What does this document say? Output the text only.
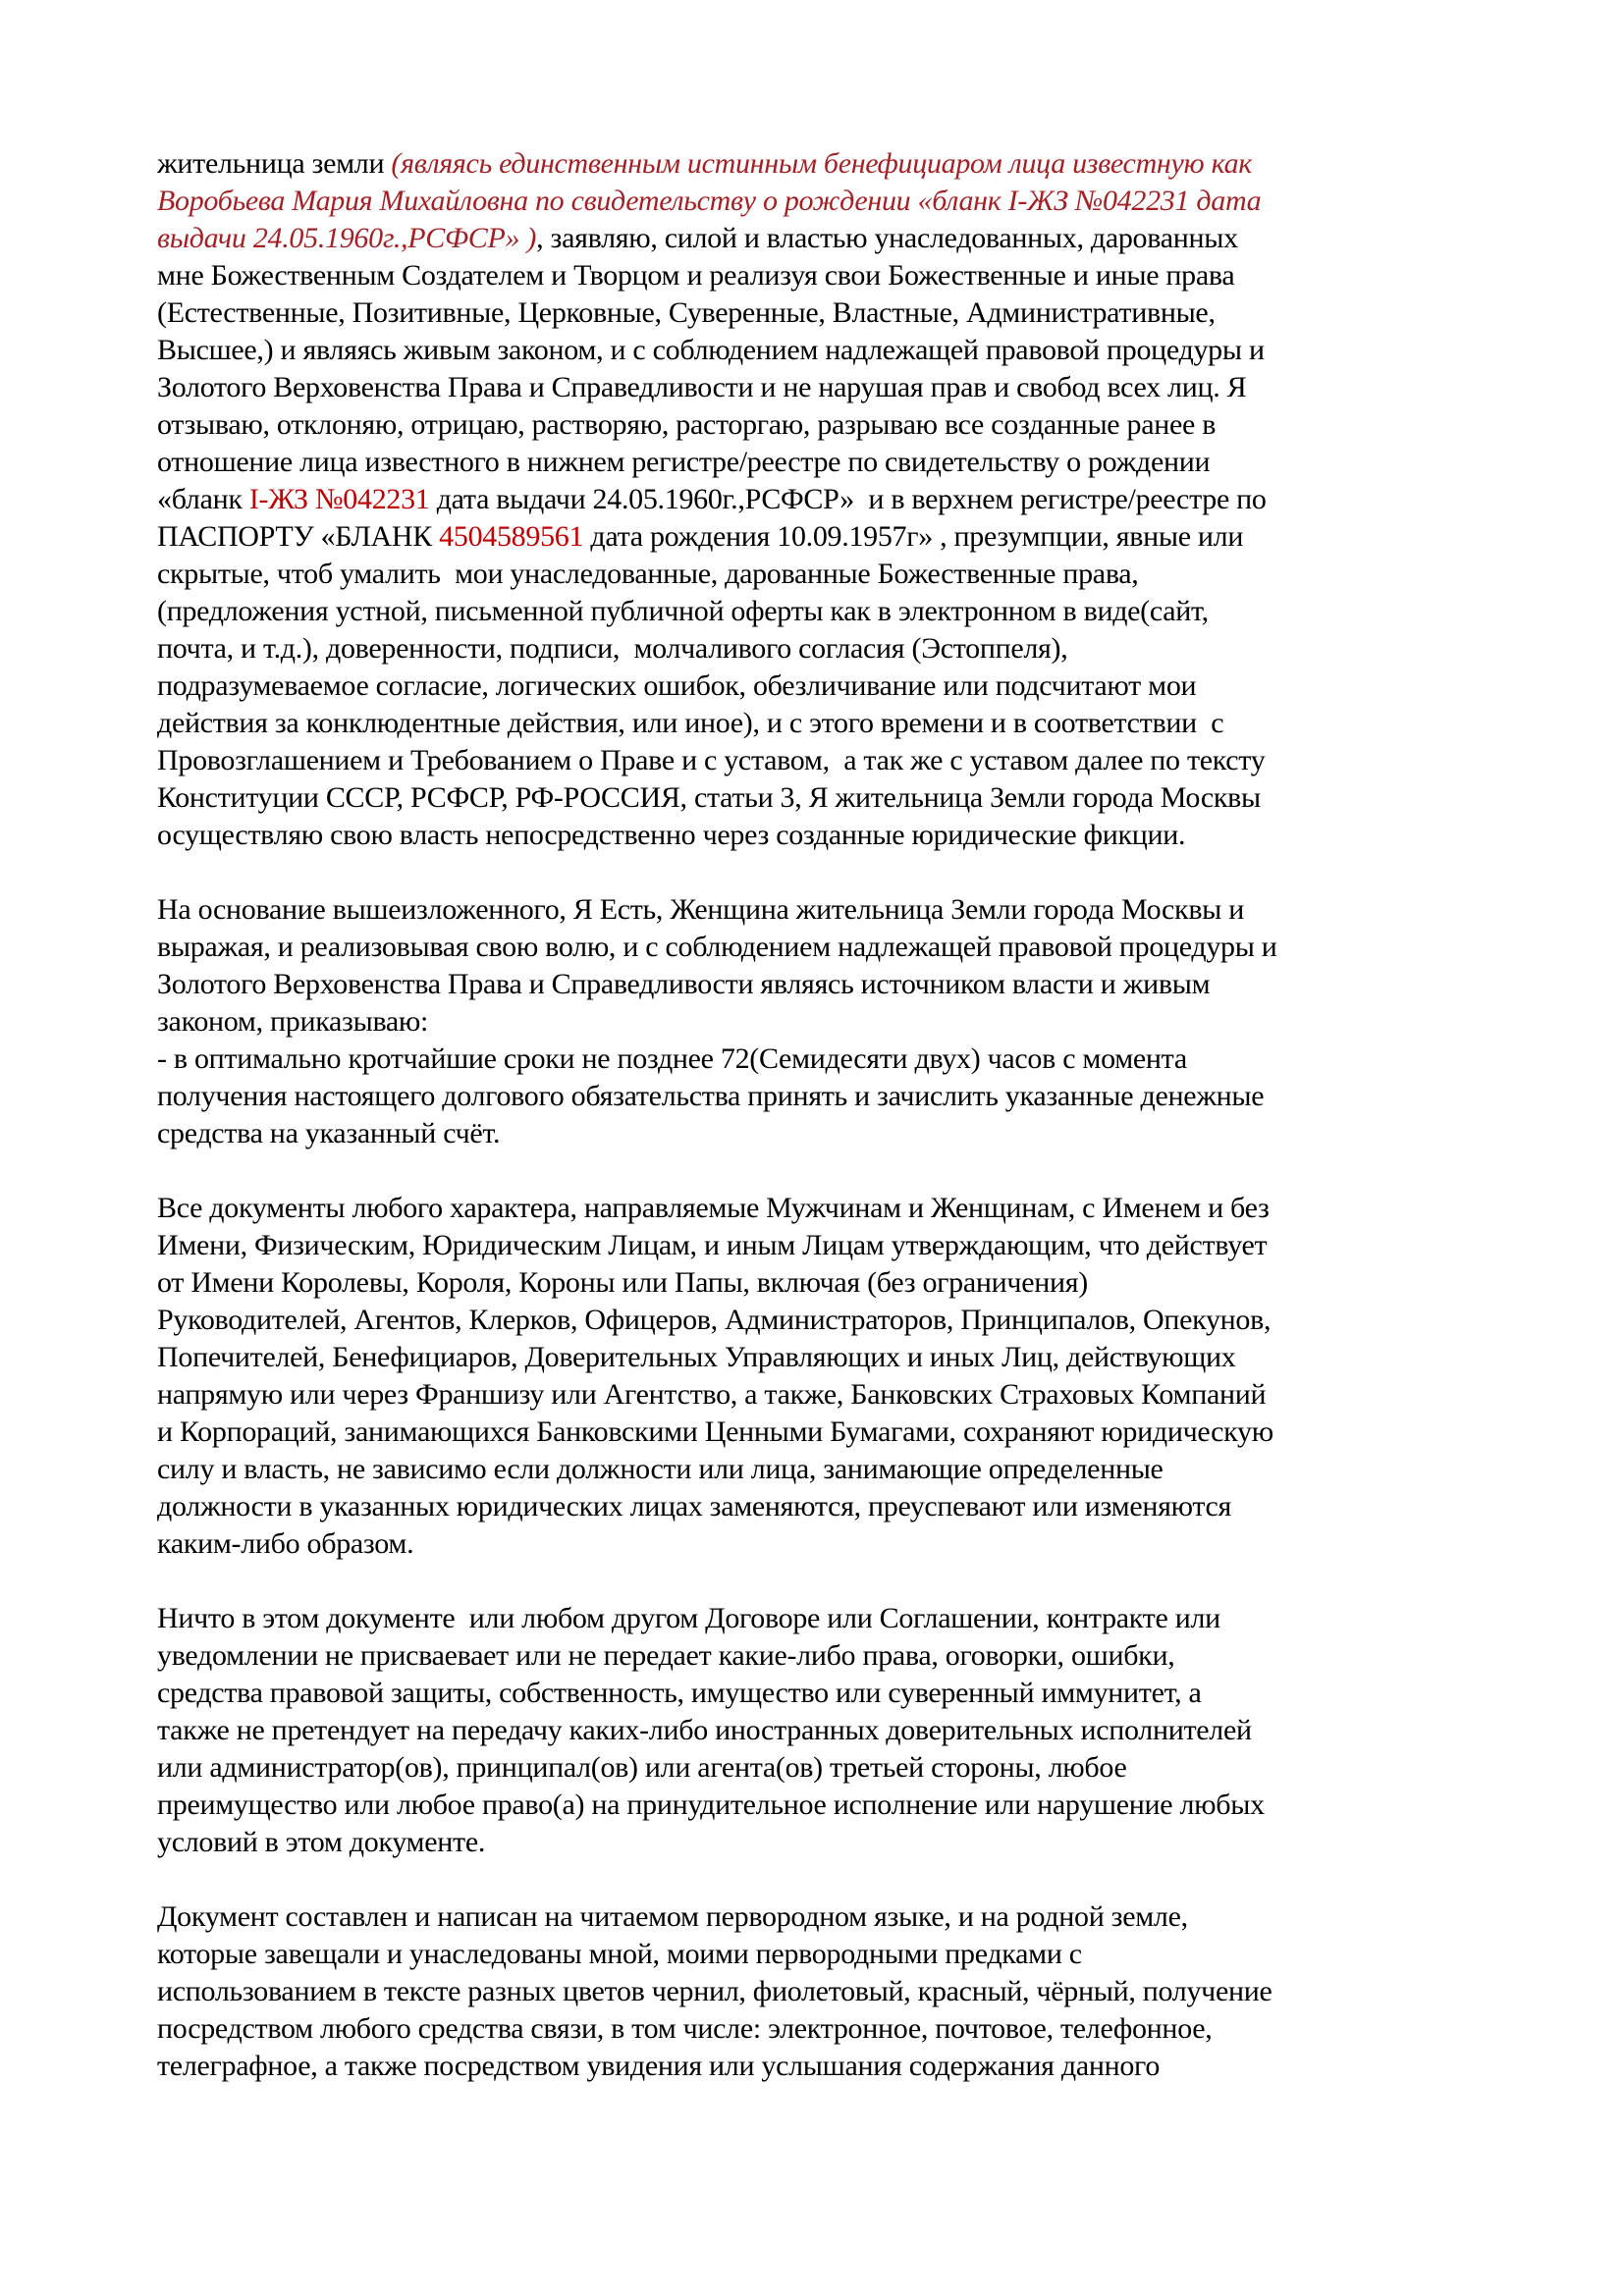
жительница земли (являясь единственным истинным бенефициаром лица известную как
Воробьева Мария Михайловна по свидетельству о рождении «бланк I-ЖЗ №042231 дата
выдачи 24.05.1960г.,РСФСР» ), заявляю, силой и властью унаследованных, дарованных
мне Божественным Создателем и Творцом и реализуя свои Божественные и иные права
(Естественные, Позитивные, Церковные, Суверенные, Властные, Административные,
Высшее,) и являясь живым законом, и с соблюдением надлежащей правовой процедуры и
Золотого Верховенства Права и Справедливости и не нарушая прав и свобод всех лиц. Я
отзываю, отклоняю, отрицаю, растворяю, расторгаю, разрываю все созданные ранее в
отношение лица известного в нижнем регистре/реестре по свидетельству о рождении
«бланк I-ЖЗ №042231 дата выдачи 24.05.1960г.,РСФСР»  и в верхнем регистре/реестре по
ПАСПОРТУ «БЛАНК 4504589561 дата рождения 10.09.1957г» , презумпции, явные или
скрытые, чтоб умалить  мои унаследованные, дарованные Божественные права,
(предложения устной, письменной публичной оферты как в электронном в виде(сайт,
почта, и т.д.), доверенности, подписи,  молчаливого согласия (Эстоппеля),
подразумеваемое согласие, логических ошибок, обезличивание или подсчитают мои
действия за конклюдентные действия, или иное), и с этого времени и в соответствии  с
Провозглашением и Требованием о Праве и с уставом,  а так же с уставом далее по тексту
Конституции СССР, РСФСР, РФ-РОССИЯ, статьи 3, Я жительница Земли города Москвы
осуществляю свою власть непосредственно через созданные юридические фикции.

На основание вышеизложенного, Я Есть, Женщина жительница Земли города Москвы и
выражая, и реализовывая свою волю, и с соблюдением надлежащей правовой процедуры и
Золотого Верховенства Права и Справедливости являясь источником власти и живым
законом, приказываю:
- в оптимально кротчайшие сроки не позднее 72(Семидесяти двух) часов с момента
получения настоящего долгового обязательства принять и зачислить указанные денежные
средства на указанный счёт.

Все документы любого характера, направляемые Мужчинам и Женщинам, с Именем и без
Имени, Физическим, Юридическим Лицам, и иным Лицам утверждающим, что действует
от Имени Королевы, Короля, Короны или Папы, включая (без ограничения)
Руководителей, Агентов, Клерков, Офицеров, Администраторов, Принципалов, Опекунов,
Попечителей, Бенефициаров, Доверительных Управляющих и иных Лиц, действующих
напрямую или через Франшизу или Агентство, а также, Банковских Страховых Компаний
и Корпораций, занимающихся Банковскими Ценными Бумагами, сохраняют юридическую
силу и власть, не зависимо если должности или лица, занимающие определенные
должности в указанных юридических лицах заменяются, преуспевают или изменяются
каким-либо образом.

Ничто в этом документе  или любом другом Договоре или Соглашении, контракте или
уведомлении не присваевает или не передает какие-либо права, оговорки, ошибки,
средства правовой защиты, собственность, имущество или суверенный иммунитет, а
также не претендует на передачу каких-либо иностранных доверительных исполнителей
или администратор(ов), принципал(ов) или агента(ов) третьей стороны, любое
преимущество или любое право(а) на принудительное исполнение или нарушение любых
условий в этом документе.

Документ составлен и написан на читаемом первородном языке, и на родной земле,
которые завещали и унаследованы мной, моими первородными предками с
использованием в тексте разных цветов чернил, фиолетовый, красный, чёрный, получение
посредством любого средства связи, в том числе: электронное, почтовое, телефонное,
телеграфное, а также посредством увидения или услышания содержания данного
